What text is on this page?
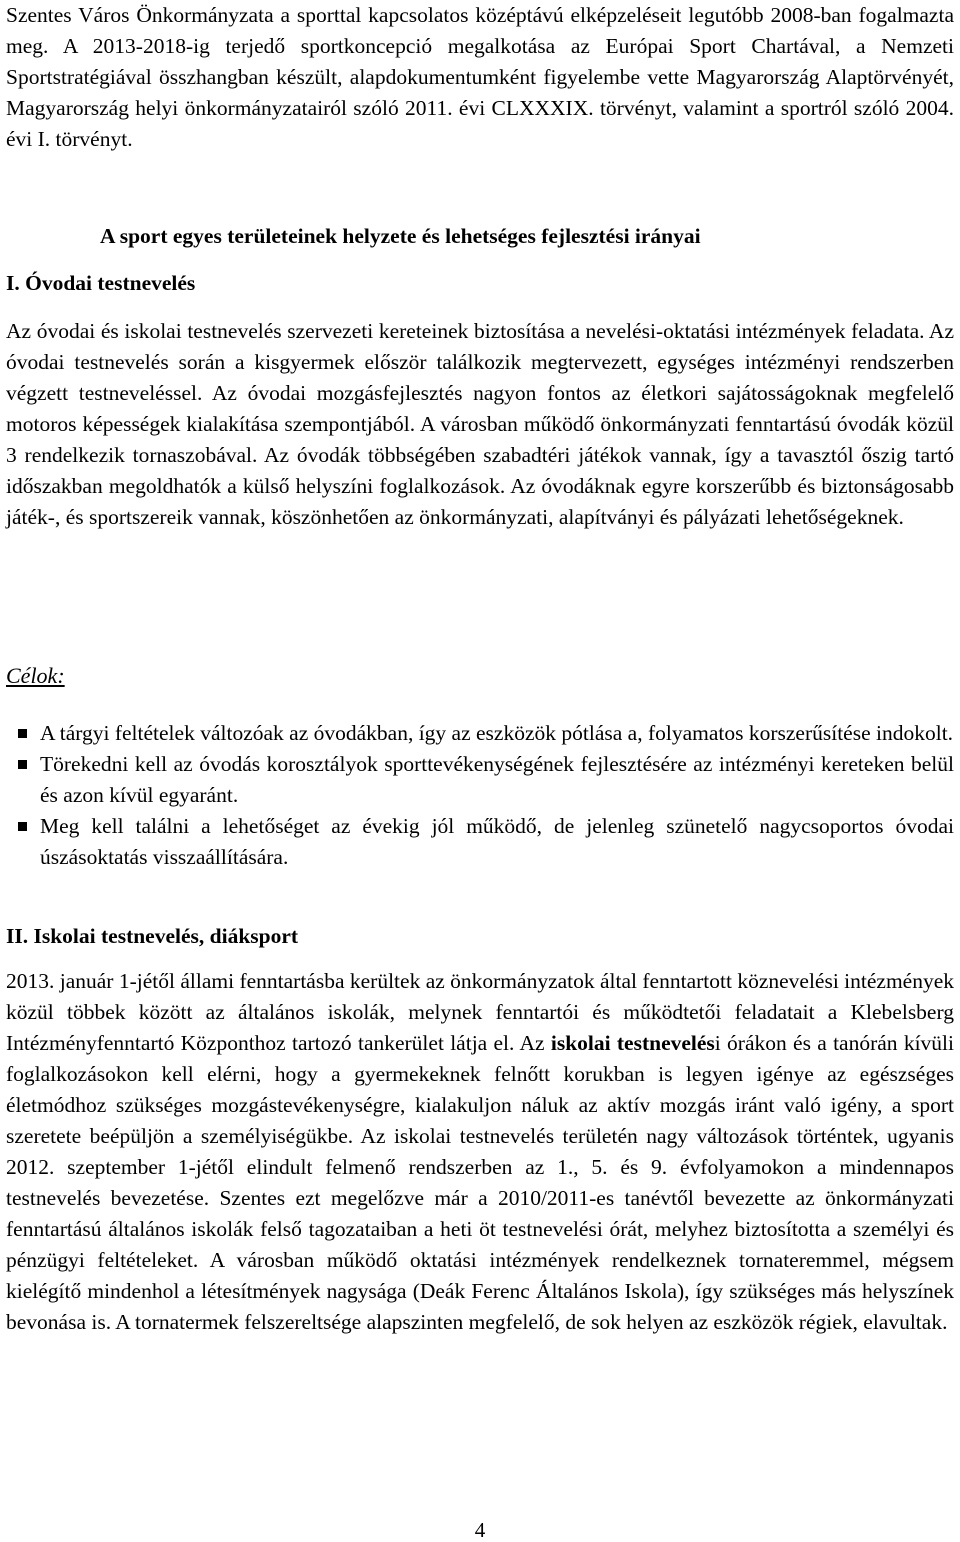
Szentes Város Önkormányzata a sporttal kapcsolatos középtávú elképzeléseit legutóbb 2008-ban fogalmazta meg. A 2013-2018-ig terjedő sportkoncepció megalkotása az Európai Sport Chartával, a Nemzeti Sportstratégiával összhangban készült, alapdokumentumként figyelembe vette Magyarország Alaptörvényét, Magyarország helyi önkormányzatairól szóló 2011. évi CLXXXIX. törvényt, valamint a sportról szóló 2004. évi I. törvényt.

A sport egyes területeinek helyzete és lehetséges fejlesztési irányai
I. Óvodai testnevelés

Az óvodai és iskolai testnevelés szervezeti kereteinek biztosítása a nevelési-oktatási intézmények feladata. Az óvodai testnevelés során a kisgyermek először találkozik megtervezett, egységes intézményi rendszerben végzett testneveléssel. Az óvodai mozgásfejlesztés nagyon fontos az életkori sajátosságoknak megfelelő motoros képességek kialakítása szempontjából. A városban működő önkormányzati fenntartású óvodák közül 3 rendelkezik tornaszobával. Az óvodák többségében szabadtéri játékok vannak, így a tavasztól őszig tartó időszakban megoldhatók a külső helyszíni foglalkozások. Az óvodáknak egyre korszerűbb és biztonságosabb játék-, és sportszereik vannak, köszönhetően az önkormányzati, alapítványi és pályázati lehetőségeknek.

Célok:
A tárgyi feltételek változóak az óvodákban, így az eszközök pótlása a, folyamatos korszerűsítése indokolt.
Törekedni kell az óvodás korosztályok sporttevékenységének fejlesztésére az intézményi kereteken belül és azon kívül egyaránt.
Meg kell találni a lehetőséget az évekig jól működő, de jelenleg szünetelő nagycsoportos óvodai úszásoktatás visszaállítására.
II. Iskolai testnevelés, diáksport

2013. január 1-jétől állami fenntartásba kerültek az önkormányzatok által fenntartott köznevelési intézmények közül többek között az általános iskolák, melynek fenntartói és működtetői feladatait a Klebelsberg Intézményfenntartó Központhoz tartozó tankerület látja el. Az iskolai testnevelési órákon és a tanórán kívüli foglalkozásokon kell elérni, hogy a gyermekeknek felnőtt korukban is legyen igénye az egészséges életmódhoz szükséges mozgástevékenységre, kialakuljon náluk az aktív mozgás iránt való igény, a sport szeretete beépüljön a személyiségükbe. Az iskolai testnevelés területén nagy változások történtek, ugyanis 2012. szeptember 1-jétől elindult felmenő rendszerben az 1., 5. és 9. évfolyamokon a mindennapos testnevelés bevezetése. Szentes ezt megelőzve már a 2010/2011-es tanévtől bevezette az önkormányzati fenntartású általános iskolák felső tagozataiban a heti öt testnevelési órát, melyhez biztosította a személyi és pénzügyi feltételeket. A városban működő oktatási intézmények rendelkeznek tornateremmel, mégsem kielégítő mindenhol a létesítmények nagysága (Deák Ferenc Általános Iskola), így szükséges más helyszínek bevonása is. A tornatermek felszereltsége alapszinten megfelelő, de sok helyen az eszközök régiek, elavultak.

4
